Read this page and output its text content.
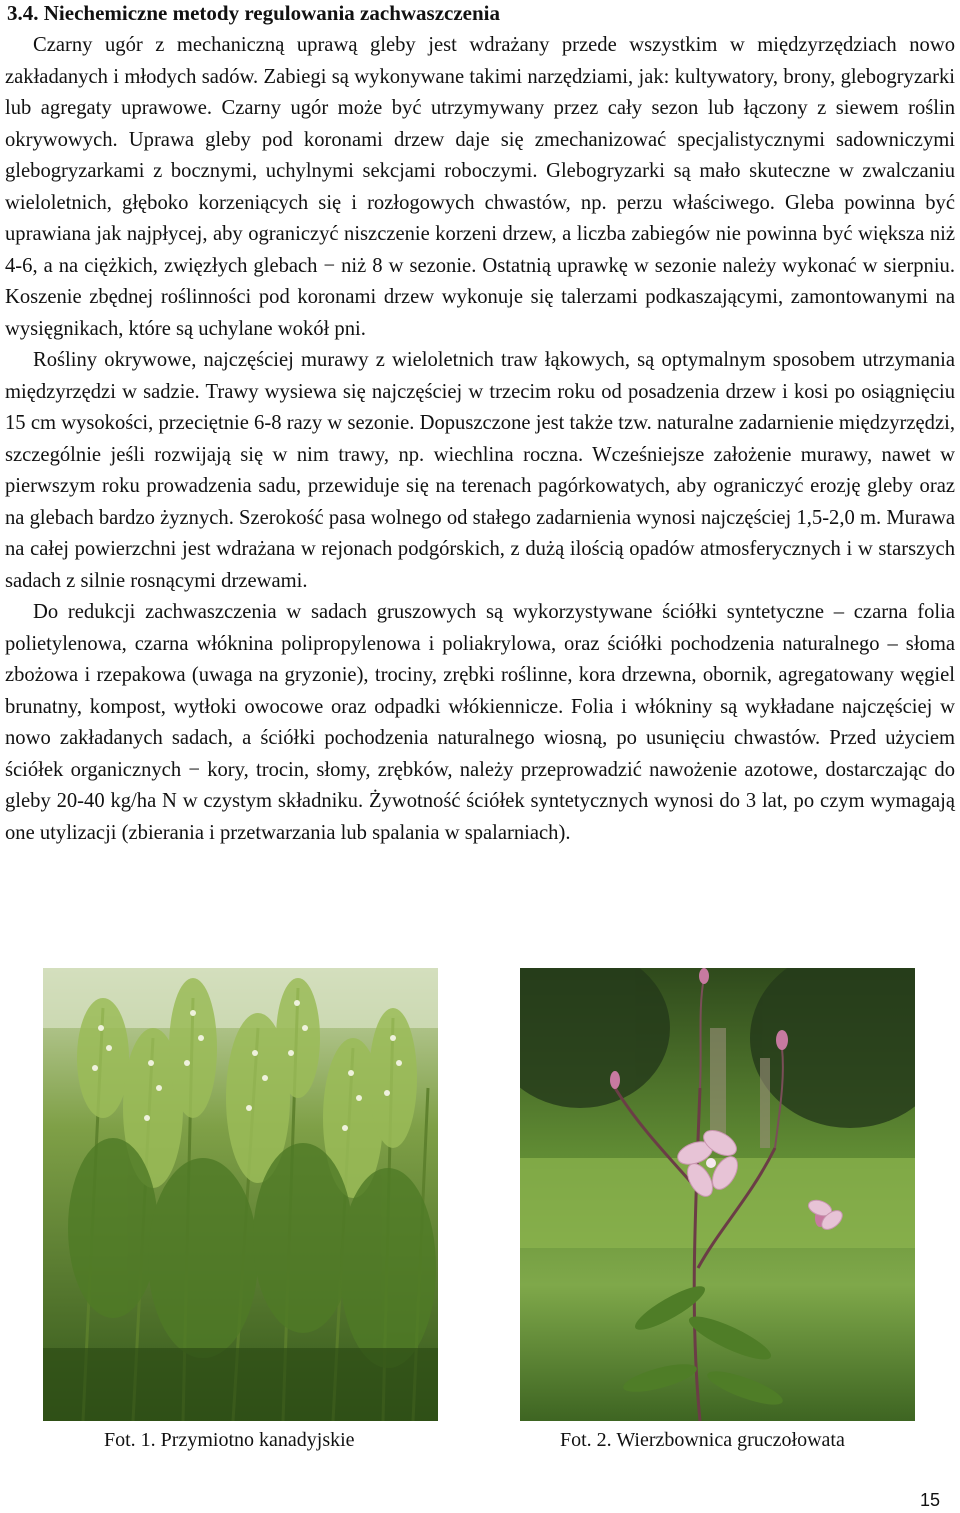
3.4. Niechemiczne metody regulowania zachwaszczenia

Czarny ugór z mechaniczną uprawą gleby jest wdrażany przede wszystkim w międzyrzędziach nowo zakładanych i młodych sadów. Zabiegi są wykonywane takimi narzędziami, jak: kultywatory, brony, glebogryzarki lub agregaty uprawowe. Czarny ugór może być utrzymywany przez cały sezon lub łączony z siewem roślin okrywowych. Uprawa gleby pod koronami drzew daje się zmechanizować specjalistycznymi sadowniczymi glebogryzarkami z bocznymi, uchylnymi sekcjami roboczymi. Glebogryzarki są mało skuteczne w zwalczaniu wieloletnich, głęboko korzeniących się i rozłogowych chwastów, np. perzu właściwego. Gleba powinna być uprawiana jak najpłycej, aby ograniczyć niszczenie korzeni drzew, a liczba zabiegów nie powinna być większa niż 4-6, a na ciężkich, zwięzłych glebach − niż 8 w sezonie. Ostatnią uprawkę w sezonie należy wykonać w sierpniu. Koszenie zbędnej roślinności pod koronami drzew wykonuje się talerzami podkaszającymi, zamontowanymi na wysięgnikach, które są uchylane wokół pni.

Rośliny okrywowe, najczęściej murawy z wieloletnich traw łąkowych, są optymalnym sposobem utrzymania międzyrzędzi w sadzie. Trawy wysiewa się najczęściej w trzecim roku od posadzenia drzew i kosi po osiągnięciu 15 cm wysokości, przeciętnie 6-8 razy w sezonie. Dopuszczone jest także tzw. naturalne zadarnienie międzyrzędzi, szczególnie jeśli rozwijają się w nim trawy, np. wiechlina roczna. Wcześniejsze założenie murawy, nawet w pierwszym roku prowadzenia sadu, przewiduje się na terenach pagórkowatych, aby ograniczyć erozję gleby oraz na glebach bardzo żyznych. Szerokość pasa wolnego od stałego zadarnienia wynosi najczęściej 1,5-2,0 m. Murawa na całej powierzchni jest wdrażana w rejonach podgórskich, z dużą ilością opadów atmosferycznych i w starszych sadach z silnie rosnącymi drzewami.

Do redukcji zachwaszczenia w sadach gruszowych są wykorzystywane ściółki syntetyczne – czarna folia polietylenowa, czarna włóknina polipropylenowa i poliakrylowa, oraz ściółki pochodzenia naturalnego – słoma zbożowa i rzepakowa (uwaga na gryzonie), trociny, zrębki roślinne, kora drzewna, obornik, agregatowany węgiel brunatny, kompost, wytłoki owocowe oraz odpadki włókiennicze. Folia i włókniny są wykładane najczęściej w nowo zakładanych sadach, a ściółki pochodzenia naturalnego wiosną, po usunięciu chwastów. Przed użyciem ściółek organicznych − kory, trocin, słomy, zrębków, należy przeprowadzić nawożenie azotowe, dostarczając do gleby 20-40 kg/ha N w czystym składniku. Żywotność ściółek syntetycznych wynosi do 3 lat, po czym wymagają one utylizacji (zbierania i przetwarzania lub spalania w spalarniach).

Fot. 1. Przymiotno kanadyjskie	Fot. 2. Wierzbownica gruczołowata
15
